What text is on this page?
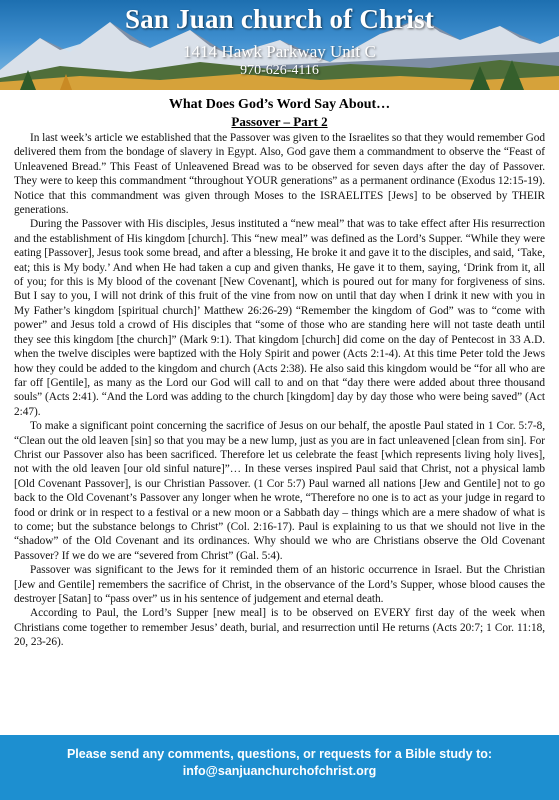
San Juan church of Christ
1414 Hawk Parkway Unit C
970-626-4116
What Does God’s Word Say About…
Passover – Part 2

In last week’s article we established that the Passover was given to the Israelites so that they would remember God delivered them from the bondage of slavery in Egypt. Also, God gave them a commandment to observe the “Feast of Unleavened Bread.” This Feast of Unleavened Bread was to be observed for seven days after the day of Passover. They were to keep this commandment “throughout YOUR generations” as a permanent ordinance (Exodus 12:15-19). Notice that this commandment was given through Moses to the ISRAELITES [Jews] to be observed by THEIR generations.

During the Passover with His disciples, Jesus instituted a “new meal” that was to take effect after His resurrection and the establishment of His kingdom [church]. This “new meal” was defined as the Lord’s Supper. “While they were eating [Passover], Jesus took some bread, and after a blessing, He broke it and gave it to the disciples, and said, ‘Take, eat; this is My body.’ And when He had taken a cup and given thanks, He gave it to them, saying, ‘Drink from it, all of you; for this is My blood of the covenant [New Covenant], which is poured out for many for forgiveness of sins. But I say to you, I will not drink of this fruit of the vine from now on until that day when I drink it new with you in My Father’s kingdom [spiritual church]’ Matthew 26:26-29) “Remember the kingdom of God” was to “come with power” and Jesus told a crowd of His disciples that “some of those who are standing here will not taste death until they see this kingdom [the church]” (Mark 9:1). That kingdom [church] did come on the day of Pentecost in 33 A.D. when the twelve disciples were baptized with the Holy Spirit and power (Acts 2:1-4). At this time Peter told the Jews how they could be added to the kingdom and church (Acts 2:38). He also said this kingdom would be “for all who are far off [Gentile], as many as the Lord our God will call to and on that “day there were added about three thousand souls” (Acts 2:41). “And the Lord was adding to the church [kingdom] day by day those who were being saved” (Act 2:47).

To make a significant point concerning the sacrifice of Jesus on our behalf, the apostle Paul stated in 1 Cor. 5:7-8, “Clean out the old leaven [sin] so that you may be a new lump, just as you are in fact unleavened [clean from sin]. For Christ our Passover also has been sacrificed. Therefore let us celebrate the feast [which represents living holy lives], not with the old leaven [our old sinful nature]”… In these verses inspired Paul said that Christ, not a physical lamb [Old Covenant Passover], is our Christian Passover. (1 Cor 5:7) Paul warned all nations [Jew and Gentile] not to go back to the Old Covenant’s Passover any longer when he wrote, “Therefore no one is to act as your judge in regard to food or drink or in respect to a festival or a new moon or a Sabbath day – things which are a mere shadow of what is to come; but the substance belongs to Christ” (Col. 2:16-17). Paul is explaining to us that we should not live in the “shadow” of the Old Covenant and its ordinances. Why should we who are Christians observe the Old Covenant Passover? If we do we are “severed from Christ” (Gal. 5:4).

Passover was significant to the Jews for it reminded them of an historic occurrence in Israel. But the Christian [Jew and Gentile] remembers the sacrifice of Christ, in the observance of the Lord’s Supper, whose blood causes the destroyer [Satan] to “pass over” us in his sentence of judgement and eternal death.

According to Paul, the Lord’s Supper [new meal] is to be observed on EVERY first day of the week when Christians come together to remember Jesus’ death, burial, and resurrection until He returns (Acts 20:7; 1 Cor. 11:18, 20, 23-26).

Please send any comments, questions, or requests for a Bible study to:
info@sanjuanchurchofchrist.org
